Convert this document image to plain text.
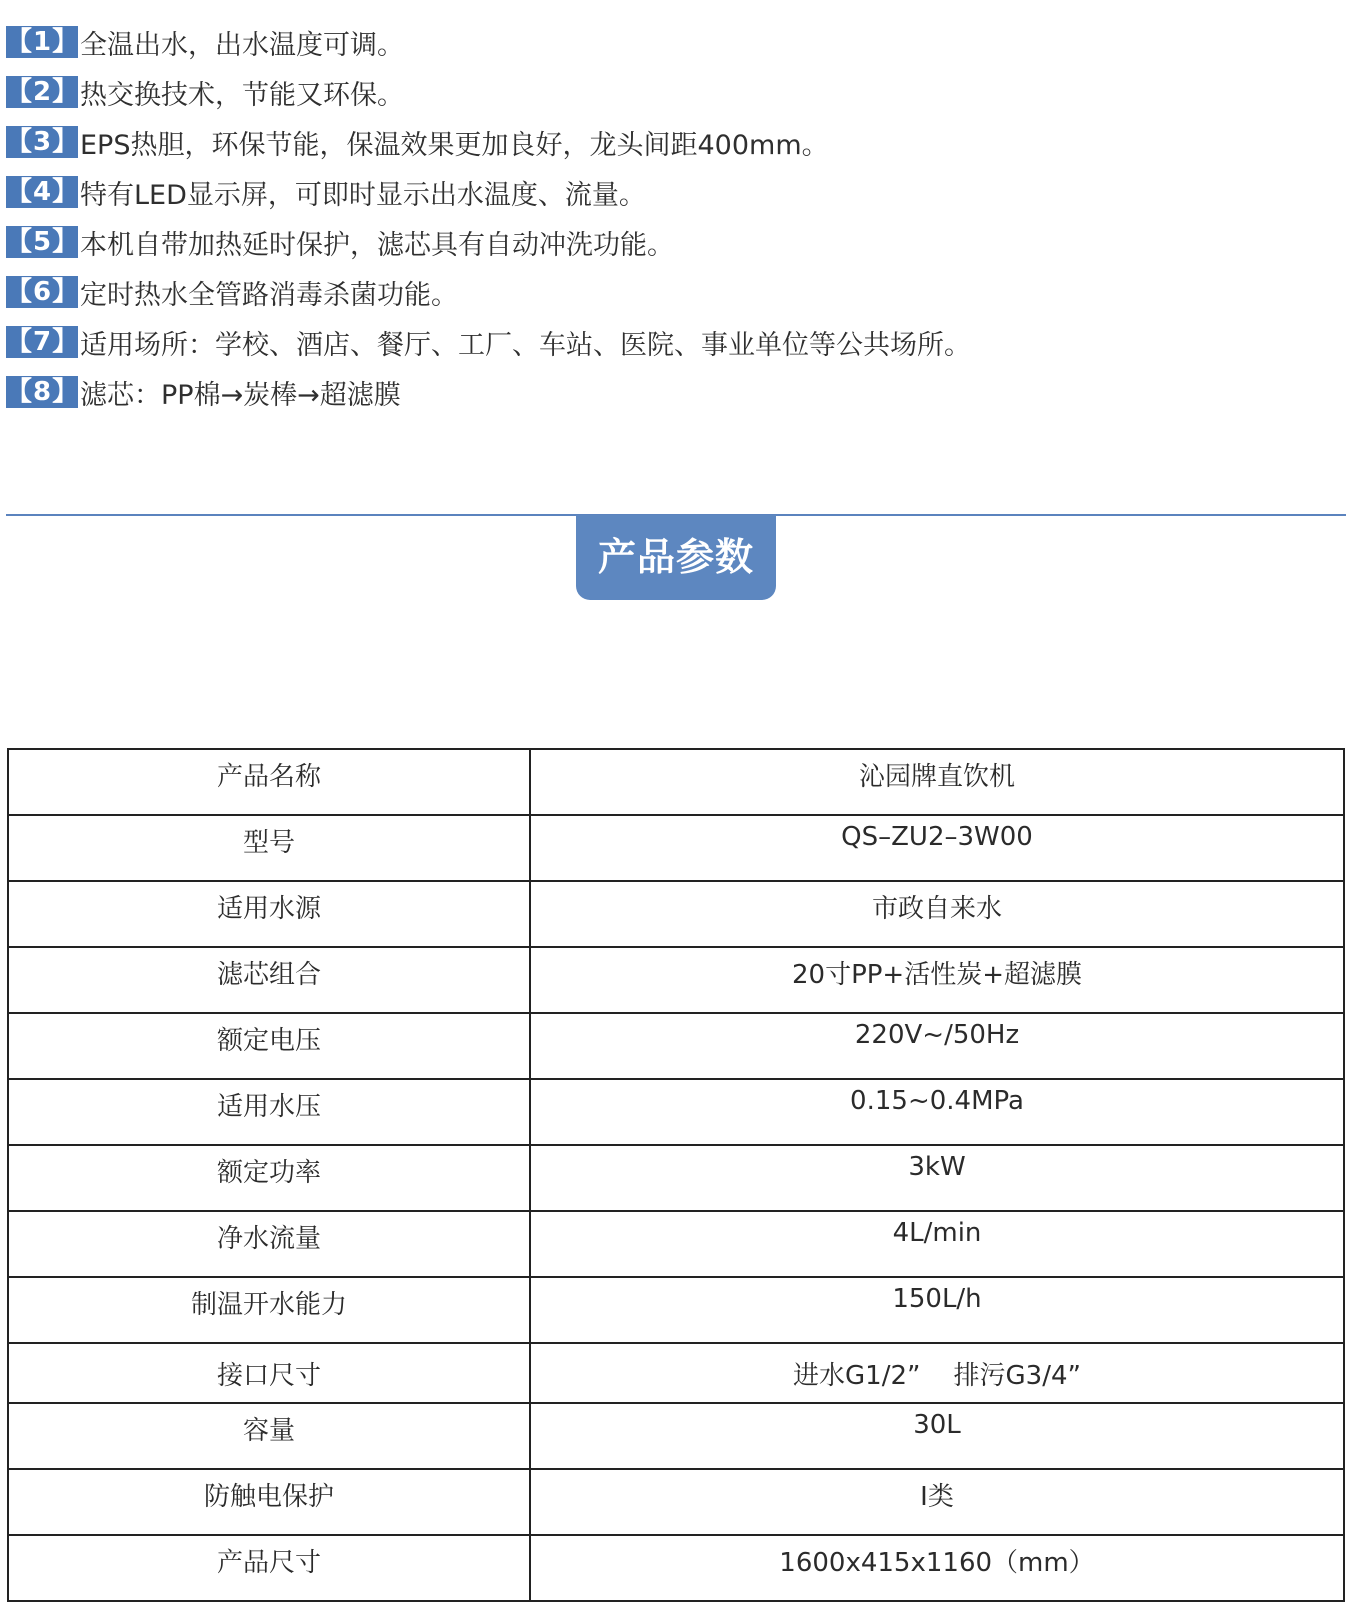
【1】 全温出水，出水温度可调。
【2】 热交换技术，节能又环保。
【3】 EPS热胆，环保节能，保温效果更加良好，龙头间距400mm。
【4】 特有LED显示屏，可即时显示出水温度、流量。
【5】 本机自带加热延时保护，滤芯具有自动冲洗功能。
【6】 定时热水全管路消毒杀菌功能。
【7】 适用场所：学校、酒店、餐厅、工厂、车站、医院、事业单位等公共场所。
【8】 滤芯：PP棉→炭棒→超滤膜
产品参数
产品名称	沁园牌直饮机
型号	QS–ZU2–3W00
适用水源	市政自来水
滤芯组合	20寸PP+活性炭+超滤膜
额定电压	220V~/50Hz
适用水压	0.15~0.4MPa
额定功率	3kW
净水流量	4L/min
制温开水能力	150L/h
接口尺寸	进水G1/2”    排污G3/4”
容量	30L
防触电保护	Ⅰ类
产品尺寸	1600x415x1160（mm）
